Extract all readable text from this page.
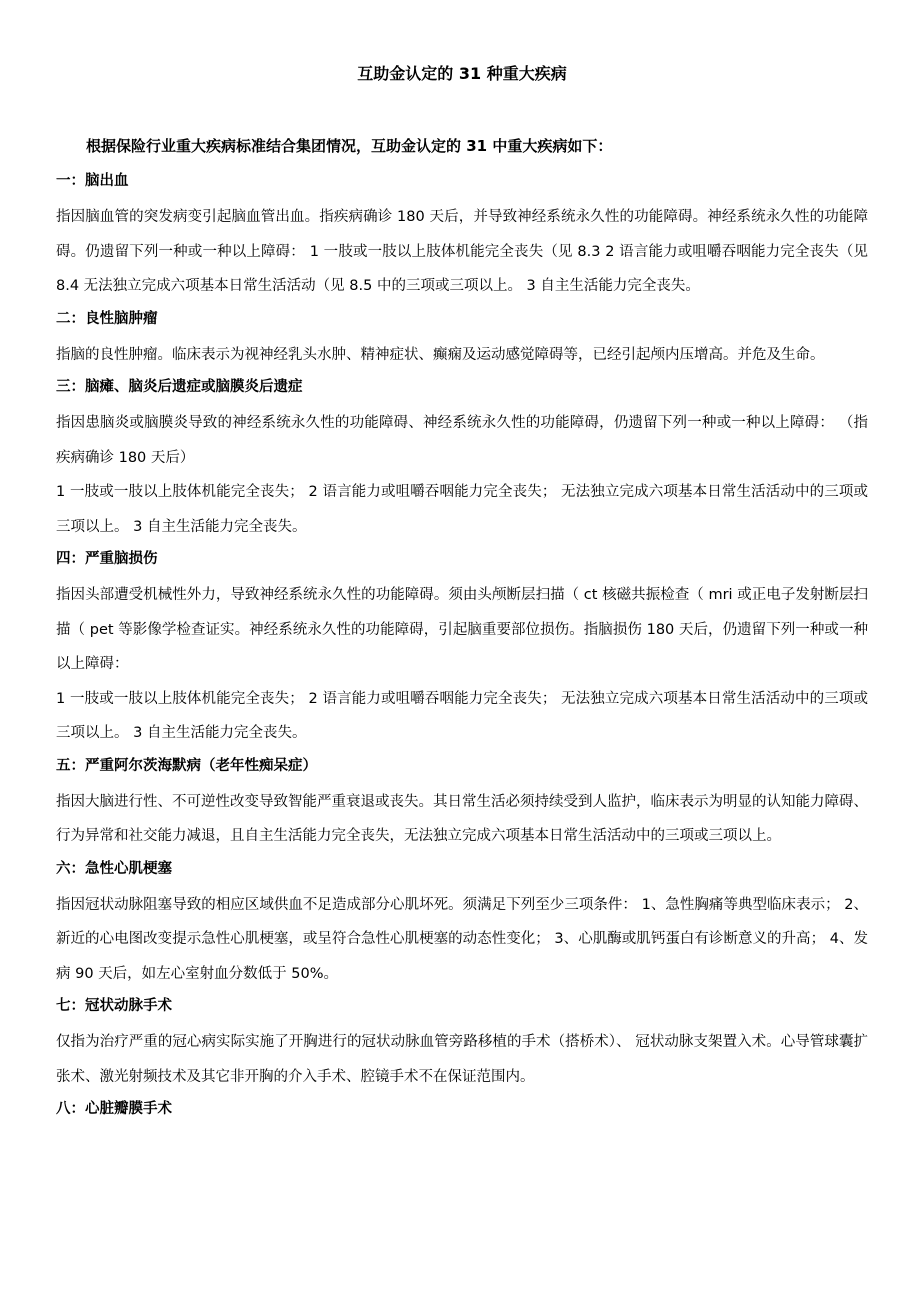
互助金认定的 31 种重大疾病
根据保险行业重大疾病标准结合集团情况，互助金认定的 31 中重大疾病如下：
一：脑出血
指因脑血管的突发病变引起脑血管出血。指疾病确诊 180 天后，并导致神经系统永久性的功能障碍。神经系统永久性的功能障碍。仍遗留下列一种或一种以上障碍： 1 一肢或一肢以上肢体机能完全丧失（见 8.3 2 语言能力或咀嚼吞咽能力完全丧失（见 8.4 无法独立完成六项基本日常生活活动（见 8.5 中的三项或三项以上。 3 自主生活能力完全丧失。
二：良性脑肿瘤
指脑的良性肿瘤。临床表示为视神经乳头水肿、精神症状、癫痫及运动感觉障碍等，已经引起颅内压增高。并危及生命。
三：脑瘫、脑炎后遗症或脑膜炎后遗症
指因患脑炎或脑膜炎导致的神经系统永久性的功能障碍、神经系统永久性的功能障碍，仍遗留下列一种或一种以上障碍： （指疾病确诊 180 天后）
1 一肢或一肢以上肢体机能完全丧失； 2 语言能力或咀嚼吞咽能力完全丧失； 无法独立完成六项基本日常生活活动中的三项或三项以上。 3 自主生活能力完全丧失。
四：严重脑损伤
指因头部遭受机械性外力，导致神经系统永久性的功能障碍。须由头颅断层扫描（ ct 核磁共振检查（ mri 或正电子发射断层扫描（ pet 等影像学检查证实。神经系统永久性的功能障碍，引起脑重要部位损伤。指脑损伤 180 天后，仍遗留下列一种或一种以上障碍：
1 一肢或一肢以上肢体机能完全丧失； 2 语言能力或咀嚼吞咽能力完全丧失； 无法独立完成六项基本日常生活活动中的三项或三项以上。 3 自主生活能力完全丧失。
五：严重阿尔茨海默病（老年性痴呆症）
指因大脑进行性、不可逆性改变导致智能严重衰退或丧失。其日常生活必须持续受到人监护，临床表示为明显的认知能力障碍、行为异常和社交能力减退，且自主生活能力完全丧失，无法独立完成六项基本日常生活活动中的三项或三项以上。
六：急性心肌梗塞
指因冠状动脉阻塞导致的相应区域供血不足造成部分心肌坏死。须满足下列至少三项条件： 1、急性胸痛等典型临床表示； 2、新近的心电图改变提示急性心肌梗塞，或呈符合急性心肌梗塞的动态性变化； 3、心肌酶或肌钙蛋白有诊断意义的升高； 4、发病 90 天后，如左心室射血分数低于 50%。
七：冠状动脉手术
仅指为治疗严重的冠心病实际实施了开胸进行的冠状动脉血管旁路移植的手术（搭桥术）、 冠状动脉支架置入术。心导管球囊扩张术、激光射频技术及其它非开胸的介入手术、腔镜手术不在保证范围内。
八：心脏瓣膜手术
